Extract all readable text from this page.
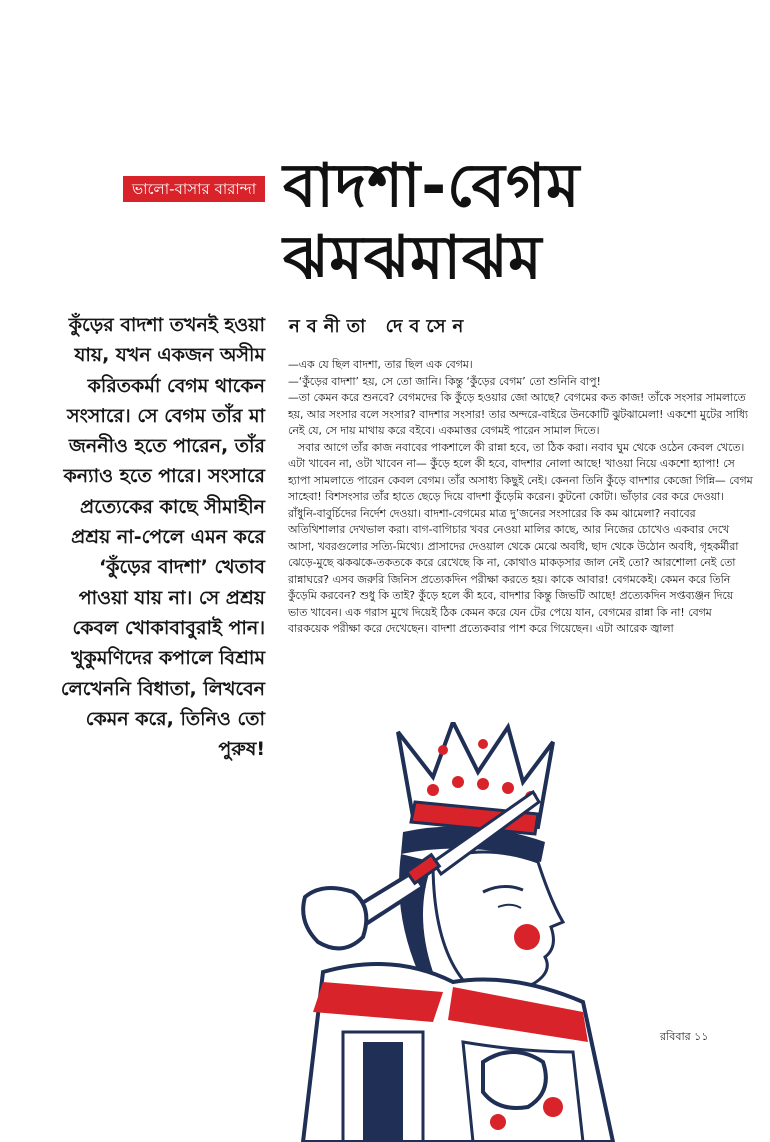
ভালো-বাসার বারান্দা বাদশা-বেগম
ঝমঝমাঝম
নবনীতা দেবসেন
কুঁড়ের বাদশা তখনই হওয়া যায়, যখন একজন অসীম করিতকর্মা বেগম থাকেন সংসারে। সে বেগম তাঁর মা জননীও হতে পারেন, তাঁর কন্যাও হতে পারে। সংসারে প্রত্যেকের কাছে সীমাহীন প্রশ্রয় না-পেলে এমন করে ‘কুঁড়ের বাদশা’ খেতাব পাওয়া যায় না। সে প্রশ্রয় কেবল খোকাবাবুরাই পান। খুকুমণিদের কপালে বিশ্রাম লেখেননি বিধাতা, লিখবেন কেমন করে, তিনিও তো পুরুষ!

—এক যে ছিল বাদশা, তার ছিল এক বেগম।

—‘কুঁড়ের বাদশা’ হয়, সে তো জানি। কিন্তু ‘কুঁড়ের বেগম’ তো শুনিনি বাপু!

—তা কেমন করে শুনবে? বেগমদের কি কুঁড়ে হওয়ার জো আছে? বেগমের কত কাজ! তাঁকে সংসার সামলাতে হয়, আর সংসার বলে সংসার? বাদশার সংসার! তার অন্দরে-বাইরে উনকোটি ঝুটঝামেলা! একশো মুটের সাধ্যি নেই যে, সে দায় মাথায় করে বইবে। একমাত্তর বেগমই পারেন সামাল দিতে।

সবার আগে তাঁর কাজ নবাবের পাকশালে কী রান্না হবে, তা ঠিক করা। নবাব ঘুম থেকে ওঠেন কেবল খেতে। এটা খাবেন না, ওটা খাবেন না— কুঁড়ে হলে কী হবে, বাদশার নোলা আছে! খাওয়া নিয়ে একশো হ্যাপা! সে হ্যাপা সামলাতে পারেন কেবল বেগম। তাঁর অসাধ্য কিছুই নেই। কেননা তিনি কুঁড়ে বাদশার কেজো গিন্নি— বেগম সাহেবা! বিশসংসার তাঁর হাতে ছেড়ে দিয়ে বাদশা কুঁড়েমি করেন। কুটনো কোটা। ভাঁড়ার বের করে দেওয়া। রাঁধুনি-বাবুর্চিদের নির্দেশ দেওয়া। বাদশা-বেগমের মাত্র দু’জনের সংসারের কি কম ঝামেলা? নবাবের অতিথিশালার দেখভাল করা। বাগ-বাগিচার খবর নেওয়া মালির কাছে, আর নিজের চোখেও একবার দেখে আসা, খবরগুলোর সত্যি-মিথ্যে। প্রাসাদের দেওয়াল থেকে মেঝে অবধি, ছাদ থেকে উঠোন অবধি, গৃহকর্মীরা ঝেড়ে-মুছে ঝকঝকে-তকতকে করে রেখেছে কি না, কোথাও মাকড়সার জাল নেই তো? আরশোলা নেই তো রান্নাঘরে? এসব জরুরি জিনিস প্রত্যেকদিন পরীক্ষা করতে হয়। কাকে আবার! বেগমকেই। কেমন করে তিনি কুঁড়েমি করবেন? শুধু কি তাই? কুঁড়ে হলে কী হবে, বাদশার কিন্তু জিভটি আছে! প্রত্যেকদিন সপ্তব্যঞ্জন দিয়ে ভাত খাবেন। এক গরাস মুখে দিয়েই ঠিক কেমন করে যেন টের পেয়ে যান, বেগমের রান্না কি না! বেগম বারকয়েক পরীক্ষা করে দেখেছেন। বাদশা প্রত্যেকবার পাশ করে গিয়েছেন। এটা আরেক জ্বালা

রবিবার ১১
